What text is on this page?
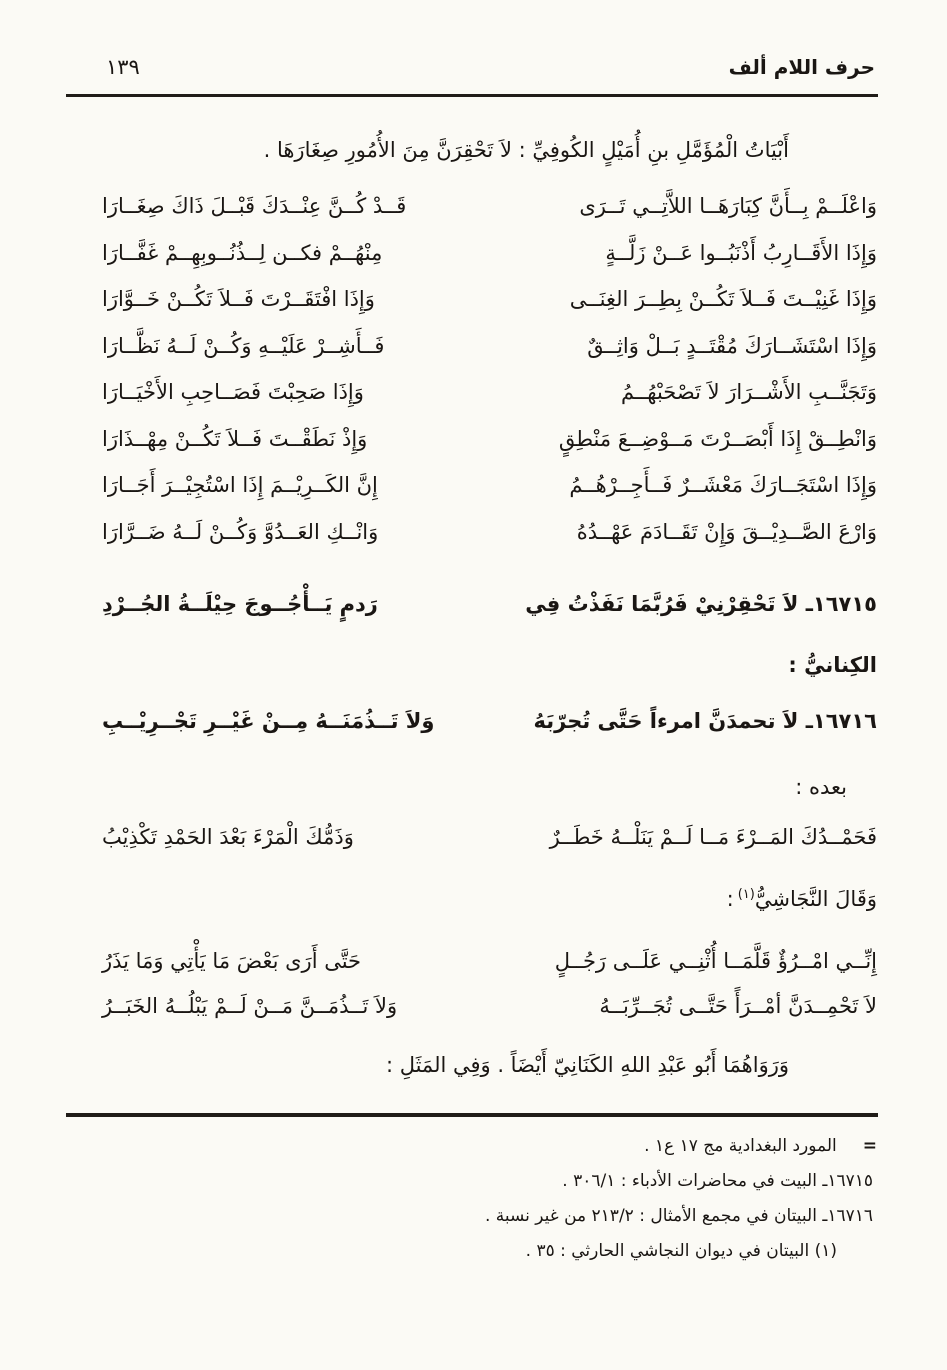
حرف اللام ألف
١٣٩

أَبْيَاتُ الْمُؤَمَّلِ بنِ أُمَيْلٍ الكُوفِيِّ : لاَ تَحْقِرَنَّ مِنَ الأُمُورِ صِغَارَهَا .

وَاعْلَــمْ بِــأَنَّ كِبَارَهَــا اللاَّتِــي تَــرَى
قَــدْ كُــنَّ عِنْــدَكَ قَبْــلَ ذَاكَ صِغَــارَا
وَإِذَا الأَقَــارِبُ أَذْنَبُــوا عَــنْ زَلَّــةٍ
مِنْهُــمْ فكــن لِــذُنُــوبِهِــمْ غَفَّــارَا
وَإِذَا غَنِيْــتَ فَــلاَ تَكُــنْ بِطِــرَ الغِنَــى
وَإِذَا افْتَقَــرْتَ فَــلاَ تَكُــنْ خَــوَّارَا
وَإِذَا اسْتَشَــارَكَ مُقْتَــدٍ بَــلْ وَاثِــقٌ
فَــأَشِــرْ عَلَيْــهِ وَكُــنْ لَــهُ نَظَّــارَا
وَتَجَنَّــبِ الأَشْــرَارَ لاَ تَصْحَبْهُــمُ
وَإِذَا صَحِبْتَ فَصَــاحِبِ الأَخْيَــارَا
وَانْطِــقْ إِذَا أَبْصَــرْتَ مَــوْضِــعَ مَنْطِقٍ
وَإِذْ نَطَقْــتَ فَــلاَ تَكُــنْ مِهْــذَارَا
وَإِذَا اسْتَجَــارَكَ مَعْشَــرٌ فَــأَجِــرْهُــمُ
إِنَّ الكَــرِيْــمَ إِذَا اسْتُجِيْــرَ أَجَــارَا
وَارْعَ الصَّــدِيْــقَ وَإِنْ تَقَــادَمَ عَهْــدُهُ
وَانْــكِ العَــدُوَّ وَكُــنْ لَــهُ ضَــرَّارَا
١٦٧١٥ـ لاَ تَحْقِرْنِيْ فَرُبَّمَا نَفَذْتُ فِي
رَدمٍ يَــأْجُــوجَ حِيْلَــةُ الجُــرْدِ

الكِنانيُّ :

١٦٧١٦ـ لاَ تحمدَنَّ امرءاً حَتَّى تُجرّبَهُ
وَلاَ تَــذُمَنَــهُ مِــنْ غَيْــرِ تَجْــرِيْــبِ

بعده :

فَحَمْــدُكَ المَــرْءَ مَــا لَــمْ يَنَلْــهُ خَطَــرٌ
وَذَمُّكَ الْمَرْءَ بَعْدَ الحَمْدِ تَكْذِيْبُ

وَقَالَ النَّجَاشِيُّ$^{(١)}$:

إِنِّــي امْــرُؤٌ قَلَّمَــا أُثْنِــي عَلَــى رَجُــلٍ
حَتَّى أَرَى بَعْضَ مَا يَأْتِي وَمَا يَذَرُ
لاَ تَحْمِــدَنَّ أمْــرَأً حَتَّــى تُجَــرِّبَــهُ
وَلاَ تَــذُمَــنَّ مَــنْ لَــمْ يَبْلُــهُ الخَبَــرُ

وَرَوَاهُمَا أَبُو عَبْدِ اللهِ الكَنَانِيّ أَيْضَاً . وَفِي المَثَلِ :

=
المورد البغدادية مج ١٧ ع١ .
١٦٧١٥ـ البيت في محاضرات الأدباء : ٣٠٦/١ .
١٦٧١٦ـ البيتان في مجمع الأمثال : ٢١٣/٢ من غير نسبة .
(١) البيتان في ديوان النجاشي الحارثي : ٣٥ .
